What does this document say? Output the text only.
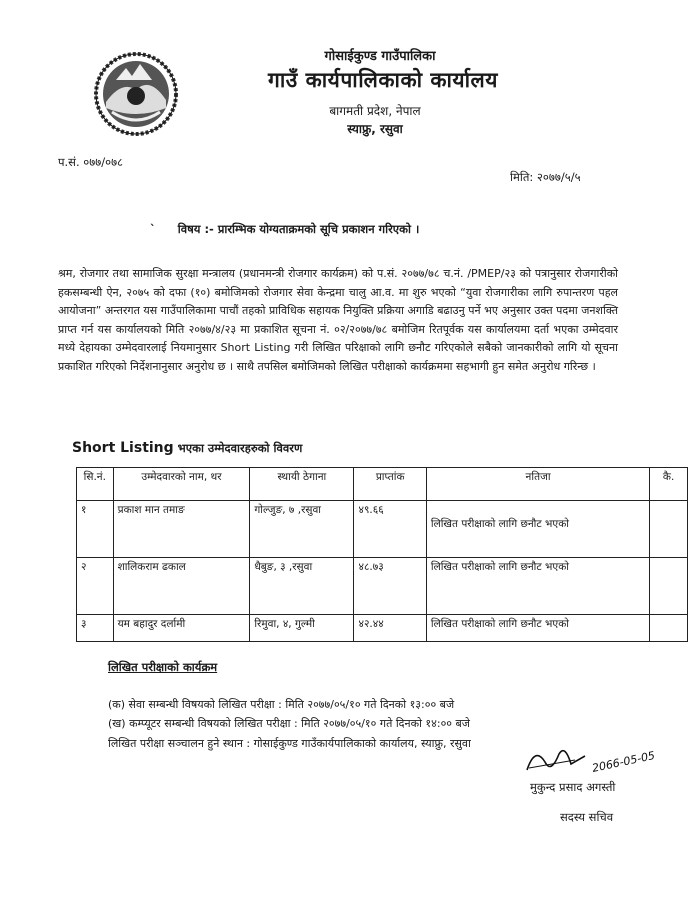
गोसाईकुण्ड गाउँपालिका
गाउँ कार्यपालिकाको कार्यालय
बागमती प्रदेश, नेपाल
स्याफ्रु, रसुवा
प.सं. ०७७/०७८
मिति: २०७७/५/५
` विषय :- प्रारम्भिक योग्यताक्रमको सूचि प्रकाशन गरिएको ।
श्रम, रोजगार तथा सामाजिक सुरक्षा मन्त्रालय (प्रधानमन्त्री रोजगार कार्यक्रम) को प.सं. २०७७/७८ च.नं. /PMEP/२३ को पत्रानुसार रोजगारीको हकसम्बन्धी ऐन, २०७५ को दफा (१०) बमोजिमको रोजगार सेवा केन्द्रमा चालु आ.व. मा शुरु भएको “युवा रोजगारीका लागि रुपान्तरण पहल आयोजना” अन्तरगत यस गाउँपालिकामा पाचौं तहको प्राविधिक सहायक नियुक्ति प्रक्रिया अगाडि बढाउनु पर्ने भए अनुसार उक्त पदमा जनशक्ति प्राप्त गर्न यस कार्यालयको मिति २०७७/४/२३ मा प्रकाशित सूचना नं. ०२/२०७७/७८ बमोजिम रितपूर्वक यस कार्यालयमा दर्ता भएका उम्मेदवार मध्ये देहायका उम्मेदवारलाई नियमानुसार Short Listing गरी लिखित परिक्षाको लागि छनौट गरिएकोले सबैको जानकारीको लागि यो सूचना प्रकाशित गरिएको निर्देशनानुसार अनुरोध छ । साथै तपसिल बमोजिमको लिखित परीक्षाको कार्यक्रममा सहभागी हुन समेत अनुरोध गरिन्छ ।
Short Listing भएका उम्मेदवारहरुको विवरण
सि.नं.	उम्मेदवारको नाम, थर	स्थायी ठेगाना	प्राप्तांक	नतिजा	कै.
१	प्रकाश मान तमाङ	गोल्जुङ, ७ ,रसुवा	४९.६६	लिखित परीक्षाको लागि छनौट भएको	

२	शालिकराम ढकाल	धैबुङ, ३ ,रसुवा	४८.७३	लिखित परीक्षाको लागि छनौट भएको	
३	यम बहादुर दर्लामी	रिमुवा, ४, गुल्मी	४२.४४	लिखित परीक्षाको लागि छनौट भएको	
लिखित परीक्षाको कार्यक्रम
(क) सेवा सम्बन्धी विषयको लिखित परीक्षा : मिति २०७७/०५/१० गते दिनको १३:०० बजे
(ख) कम्प्यूटर सम्बन्धी विषयको लिखित परीक्षा : मिति २०७७/०५/१० गते दिनको १४:०० बजे
लिखित परीक्षा सञ्चालन हुने स्थान : गोसाईकुण्ड गाउँकार्यपालिकाको कार्यालय, स्याफ्रु, रसुवा
2066-05-05
मुकुन्द प्रसाद अगस्ती
सदस्य सचिव
